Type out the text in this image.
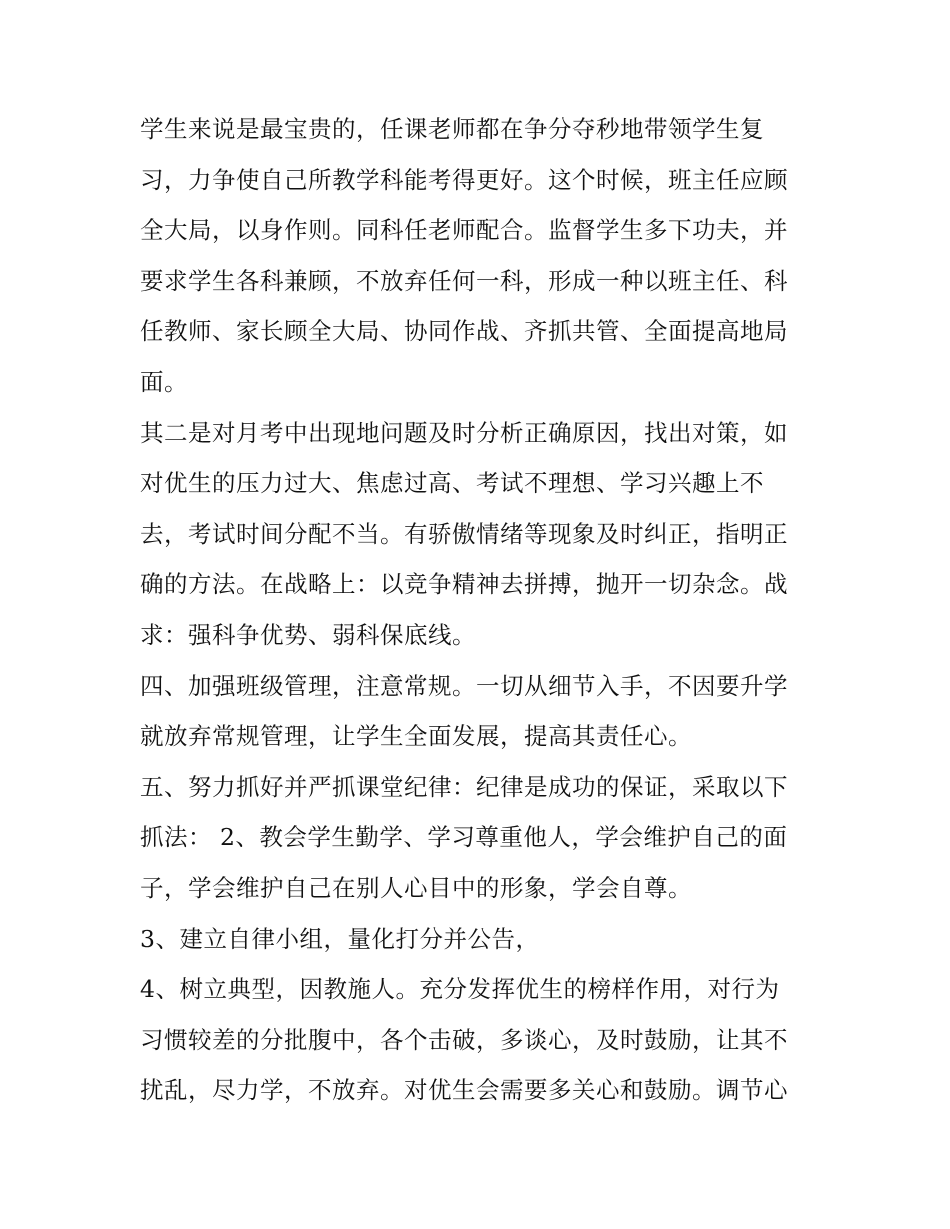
学生来说是最宝贵的，任课老师都在争分夺秒地带领学生复
习，力争使自己所教学科能考得更好。这个时候，班主任应顾
全大局，以身作则。同科任老师配合。监督学生多下功夫，并
要求学生各科兼顾，不放弃任何一科，形成一种以班主任、科
任教师、家长顾全大局、协同作战、齐抓共管、全面提高地局
面。
其二是对月考中出现地问题及时分析正确原因，找出对策，如
对优生的压力过大、焦虑过高、考试不理想、学习兴趣上不
去，考试时间分配不当。有骄傲情绪等现象及时纠正，指明正
确的方法。在战略上：以竞争精神去拼搏，抛开一切杂念。战
求：强科争优势、弱科保底线。
四、加强班级管理，注意常规。一切从细节入手，不因要升学
就放弃常规管理，让学生全面发展，提高其责任心。
五、努力抓好并严抓课堂纪律：纪律是成功的保证，采取以下
抓法： 2、教会学生勤学、学习尊重他人，学会维护自己的面
子，学会维护自己在别人心目中的形象，学会自尊。
3、建立自律小组，量化打分并公告，
4、树立典型，因教施人。充分发挥优生的榜样作用，对行为
习惯较差的分批腹中，各个击破，多谈心，及时鼓励，让其不
扰乱，尽力学，不放弃。对优生会需要多关心和鼓励。调节心
